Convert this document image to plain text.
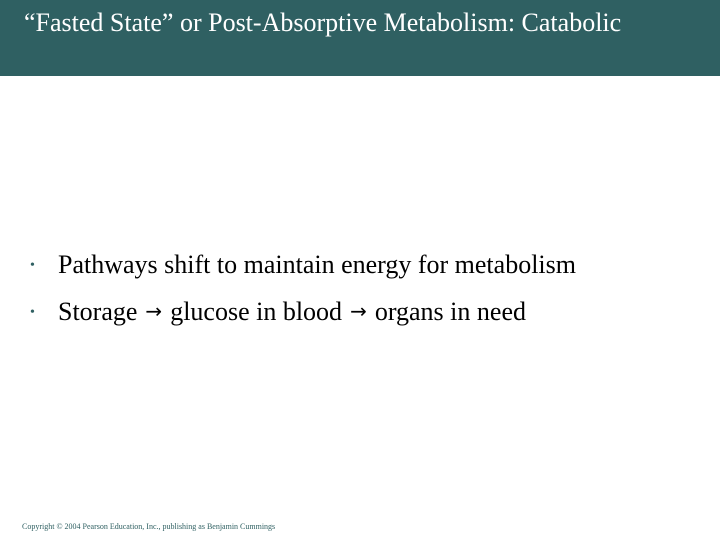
“Fasted State” or Post-Absorptive Metabolism: Catabolic
• Pathways shift to maintain energy for metabolism
• Storage → glucose in blood → organs in need

Copyright © 2004 Pearson Education, Inc., publishing as Benjamin Cummings
